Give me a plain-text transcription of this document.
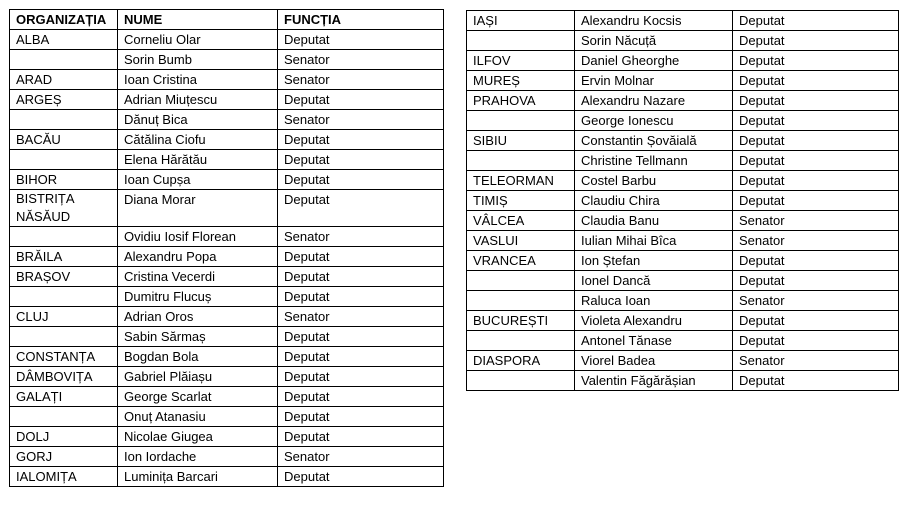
ORGANIZAȚIA	NUME	FUNCȚIA
ALBA	Corneliu Olar	Deputat
	Sorin Bumb	Senator
ARAD	Ioan Cristina	Senator
ARGEȘ	Adrian Miuțescu	Deputat
	Dănuț Bica	Senator
BACĂU	Cătălina Ciofu	Deputat
	Elena Hărătău	Deputat
BIHOR	Ioan Cupșa	Deputat
BISTRIȚA NĂSĂUD	Diana Morar	Deputat
	Ovidiu Iosif Florean	Senator
BRĂILA	Alexandru Popa	Deputat
BRAȘOV	Cristina Vecerdi	Deputat
	Dumitru Flucuș	Deputat
CLUJ	Adrian Oros	Senator
	Sabin Sărmaș	Deputat
CONSTANȚA	Bogdan Bola	Deputat
DÂMBOVIȚA	Gabriel Plăiașu	Deputat
GALAȚI	George Scarlat	Deputat
	Onuț Atanasiu	Deputat
DOLJ	Nicolae Giugea	Deputat
GORJ	Ion Iordache	Senator
IALOMIȚA	Luminița Barcari	Deputat
IAȘI	Alexandru Kocsis	Deputat
	Sorin Năcuță	Deputat
ILFOV	Daniel Gheorghe	Deputat
MUREȘ	Ervin Molnar	Deputat
PRAHOVA	Alexandru Nazare	Deputat
	George Ionescu	Deputat
SIBIU	Constantin Șovăială	Deputat
	Christine Tellmann	Deputat
TELEORMAN	Costel Barbu	Deputat
TIMIȘ	Claudiu Chira	Deputat
VÂLCEA	Claudia Banu	Senator
VASLUI	Iulian Mihai Bîca	Senator
VRANCEA	Ion Ștefan	Deputat
	Ionel Dancă	Deputat
	Raluca Ioan	Senator
BUCUREȘTI	Violeta Alexandru	Deputat
	Antonel Tănase	Deputat
DIASPORA	Viorel Badea	Senator
	Valentin Făgărășian	Deputat
